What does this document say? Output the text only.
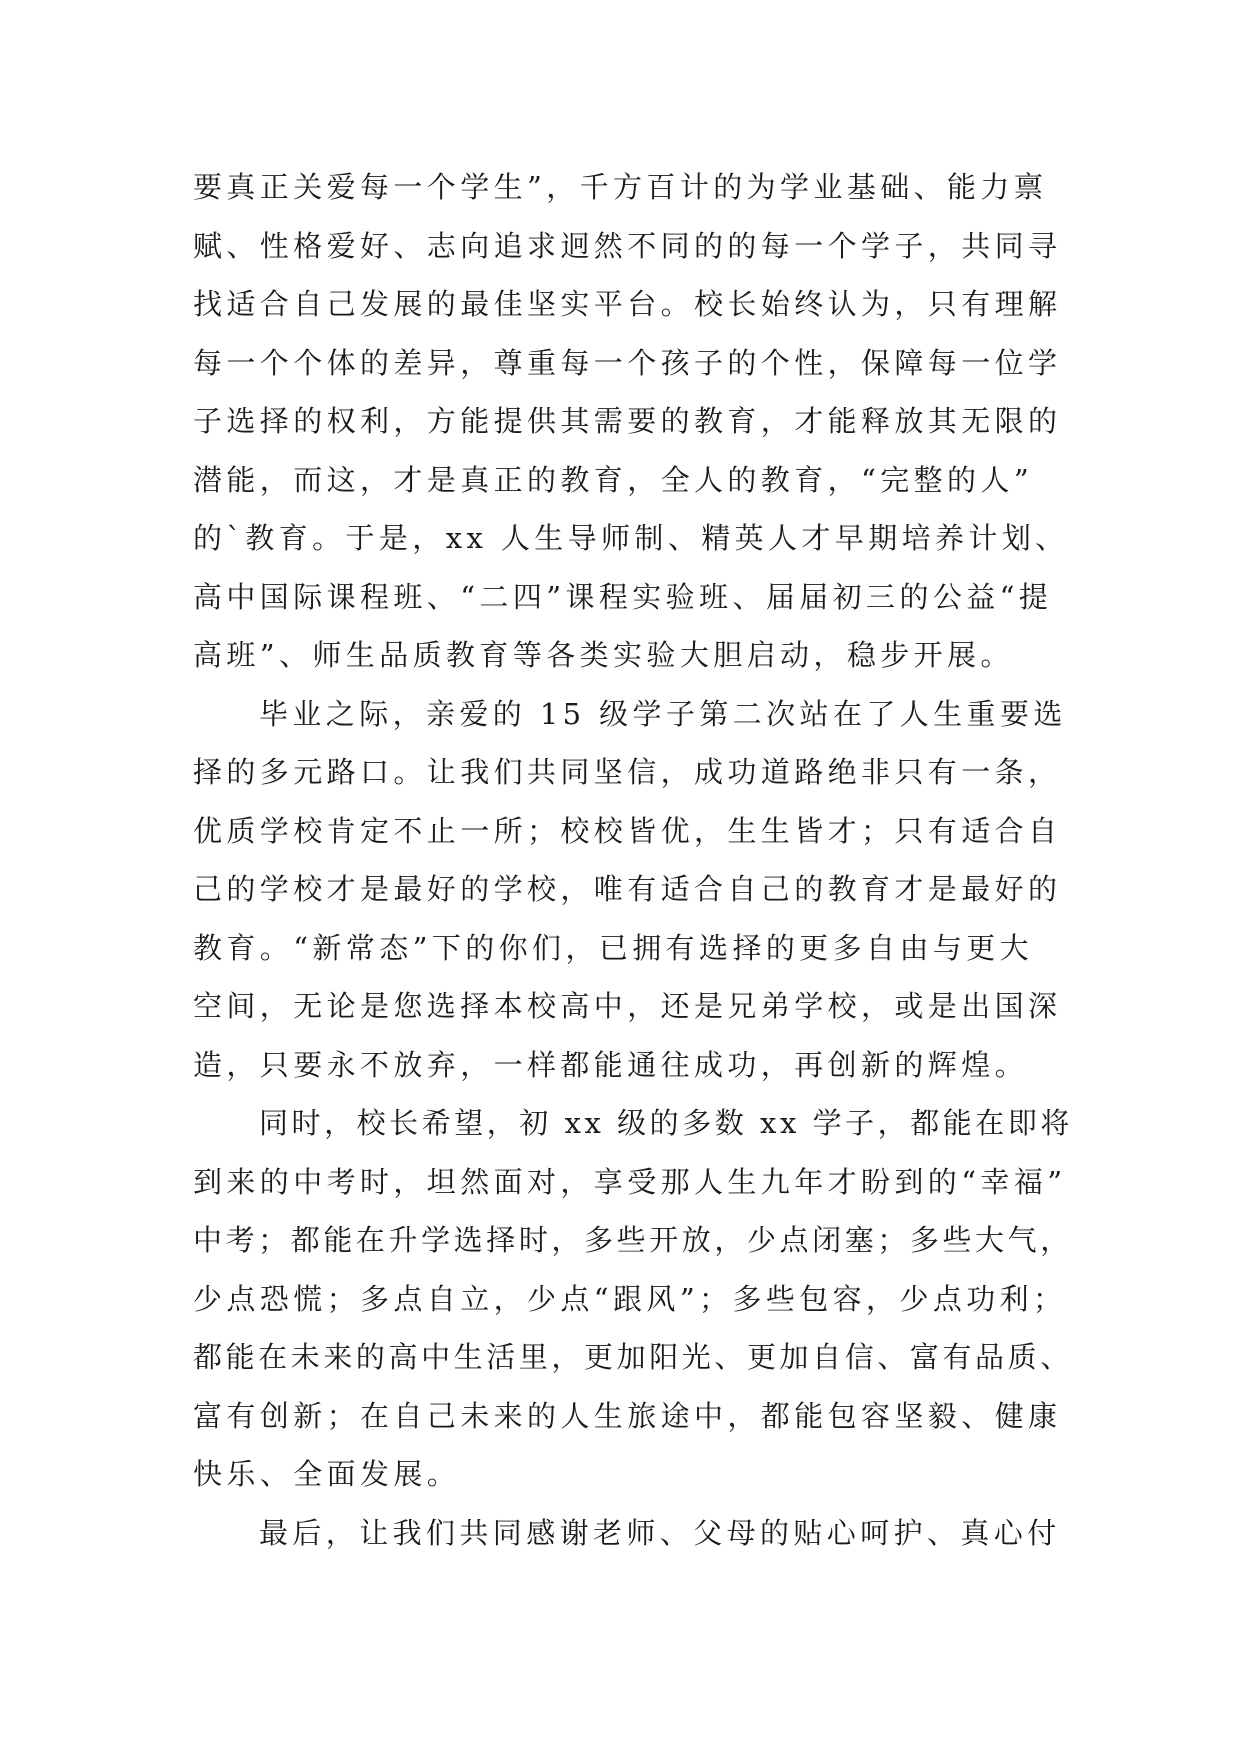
要真正关爱每一个学生”，千方百计的为学业基础、能力禀
赋、性格爱好、志向追求迥然不同的的每一个学子，共同寻
找适合自己发展的最佳坚实平台。校长始终认为，只有理解
每一个个体的差异，尊重每一个孩子的个性，保障每一位学
子选择的权利，方能提供其需要的教育，才能释放其无限的
潜能，而这，才是真正的教育，全人的教育，“完整的人”
的`教育。于是，xx 人生导师制、精英人才早期培养计划、
高中国际课程班、“二四”课程实验班、届届初三的公益“提
高班”、师生品质教育等各类实验大胆启动，稳步开展。
毕业之际，亲爱的 15 级学子第二次站在了人生重要选
择的多元路口。让我们共同坚信，成功道路绝非只有一条，
优质学校肯定不止一所；校校皆优，生生皆才；只有适合自
己的学校才是最好的学校，唯有适合自己的教育才是最好的
教育。“新常态”下的你们，已拥有选择的更多自由与更大
空间，无论是您选择本校高中，还是兄弟学校，或是出国深
造，只要永不放弃，一样都能通往成功，再创新的辉煌。
同时，校长希望，初 xx 级的多数 xx 学子，都能在即将
到来的中考时，坦然面对，享受那人生九年才盼到的“幸福”
中考；都能在升学选择时，多些开放，少点闭塞；多些大气，
少点恐慌；多点自立，少点“跟风”；多些包容，少点功利；
都能在未来的高中生活里，更加阳光、更加自信、富有品质、
富有创新；在自己未来的人生旅途中，都能包容坚毅、健康
快乐、全面发展。
最后，让我们共同感谢老师、父母的贴心呵护、真心付
